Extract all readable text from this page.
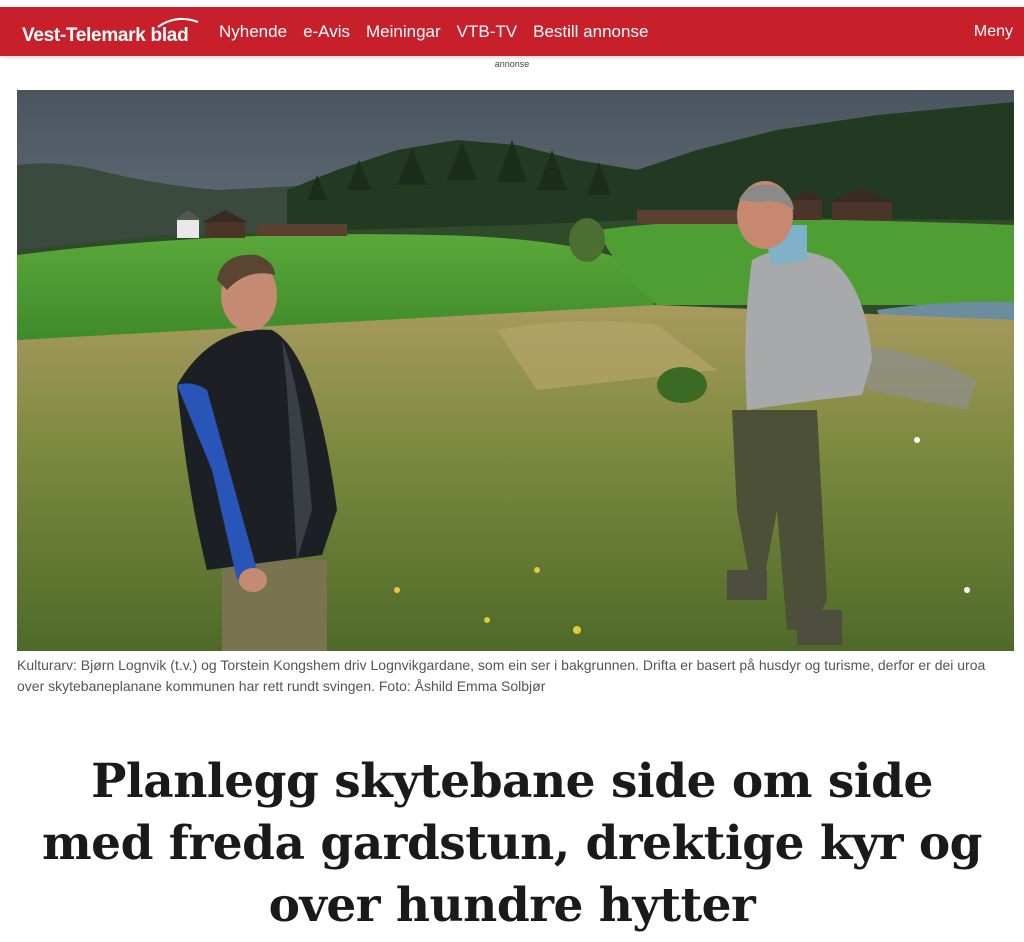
Vest-Telemark blad Nyhende e-Avis Meiningar VTB-TV Bestill annonse	Meny
annonse
Kulturarv: Bjørn Lognvik (t.v.) og Torstein Kongshem driv Lognvikgardane, som ein ser i bakgrunnen. Drifta er basert på husdyr og turisme, derfor er dei uroa over skytebaneplanane kommunen har rett rundt svingen. Foto: Åshild Emma Solbjør
Planlegg skytebane side om side med freda gardstun, drektige kyr og over hundre hytter
